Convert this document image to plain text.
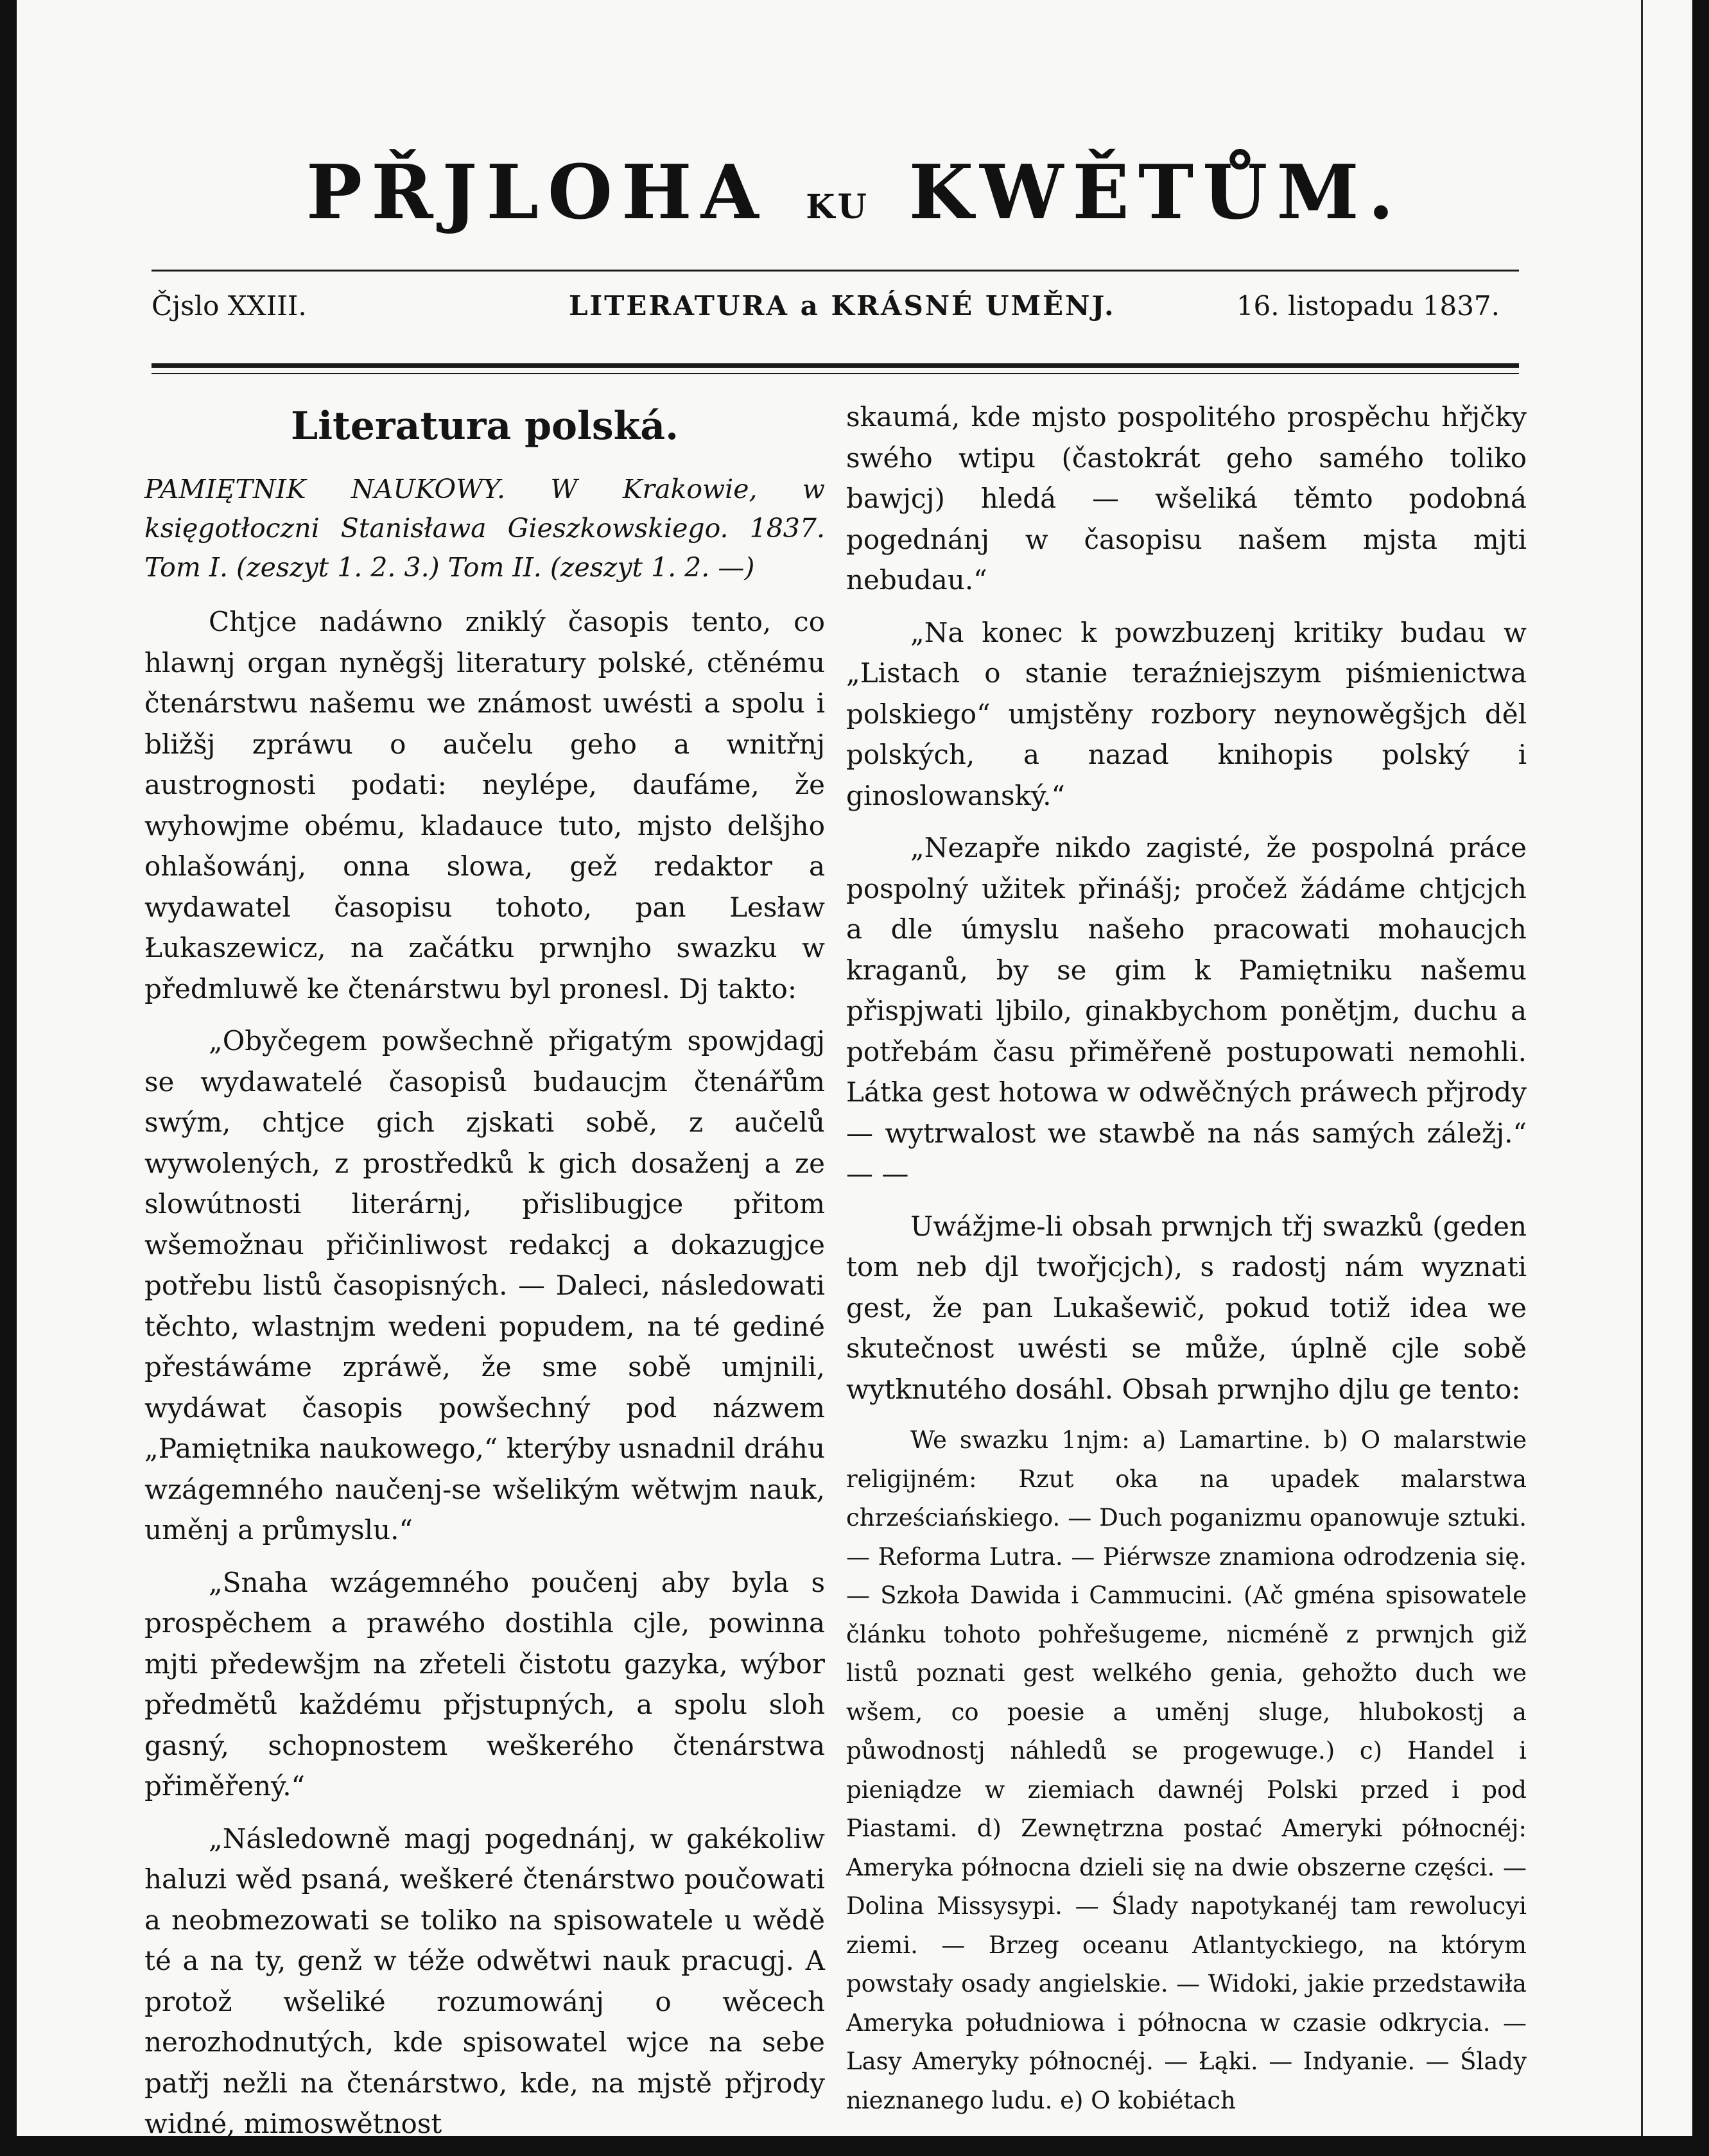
PŘJLOHA KU KWĚTŮM.
Čjslo XXIII.	LITERATURA a KRÁSNÉ UMĚNJ.	16. listopadu 1837.
Literatura polská.

PAMIĘTNIK NAUKOWY. W Krakowie, w księgotłoczni Stanisława Gieszkowskiego. 1837. Tom I. (zeszyt 1. 2. 3.) Tom II. (zeszyt 1. 2. —)

Chtjce nadáwno zniklý časopis tento, co hlawnj organ nyněgšj literatury polské, ctěnému čtenárstwu našemu we známost uwésti a spolu i bližšj zpráwu o aučelu geho a wnitřnj austrognosti podati: neylépe, daufáme, že wyhowjme obému, kladauce tuto, mjsto delšjho ohlašowánj, onna slowa, gež redaktor a wydawatel časopisu tohoto, pan Lesław Łukaszewicz, na začátku prwnjho swazku w předmluwě ke čtenárstwu byl pronesl. Dj takto:

„Obyčegem powšechně přigatým spowjdagj se wydawatelé časopisů budaucjm čtenářům swým, chtjce gich zjskati sobě, z aučelů wywolených, z prostředků k gich dosaženj a ze slowútnosti literárnj, přislibugjce přitom wšemožnau přičinliwost redakcj a dokazugjce potřebu listů časopisných. — Daleci, následowati těchto, wlastnjm wedeni popudem, na té gediné přestáwáme zpráwě, že sme sobě umjnili, wydáwat časopis powšechný pod názwem „Pamiętnika naukowego,“ kterýby usnadnil dráhu wzágemného naučenj-se wšelikým wětwjm nauk, uměnj a průmyslu.“

„Snaha wzágemného poučenj aby byla s prospěchem a prawého dostihla cjle, powinna mjti předewšjm na zřeteli čistotu gazyka, wýbor předmětů každému přjstupných, a spolu sloh gasný, schopnostem weškerého čtenárstwa přiměřený.“

„Následowně magj pogednánj, w gakékoliw haluzi wěd psaná, weškeré čtenárstwo poučowati a neobmezowati se toliko na spisowatele u wědě té a na ty, genž w téže odwětwi nauk pracugj. A protož wšeliké rozumowánj o wěcech nerozhodnutých, kde spisowatel wjce na sebe patřj nežli na čtenárstwo, kde, na mjstě přjrody widné, mimoswětnost

skaumá, kde mjsto pospolitého prospěchu hřjčky swého wtipu (častokrát geho samého toliko bawjcj) hledá — wšeliká těmto podobná pogednánj w časopisu našem mjsta mjti nebudau.“

„Na konec k powzbuzenj kritiky budau w „Listach o stanie teraźniejszym piśmienictwa polskiego“ umjstěny rozbory neynowěgšjch děl polských, a nazad knihopis polský i ginoslowanský.“

„Nezapře nikdo zagisté, že pospolná práce pospolný užitek přinášj; pročež žádáme chtjcjch a dle úmyslu našeho pracowati mohaucjch kraganů, by se gim k Pamiętniku našemu přispjwati ljbilo, ginakbychom ponětjm, duchu a potřebám času přiměřeně postupowati nemohli. Látka gest hotowa w odwěčných práwech přjrody — wytrwalost we stawbě na nás samých záležj.“ — —

Uwážjme-li obsah prwnjch třj swazků (geden tom neb djl twořjcjch), s radostj nám wyznati gest, že pan Lukašewič, pokud totiž idea we skutečnost uwésti se může, úplně cjle sobě wytknutého dosáhl. Obsah prwnjho djlu ge tento:

We swazku 1njm: a) Lamartine. b) O malarstwie religijném: Rzut oka na upadek malarstwa chrześciańskiego. — Duch poganizmu opanowuje sztuki. — Reforma Lutra. — Piérwsze znamiona odrodzenia się. — Szkoła Dawida i Cammucini. (Ač gména spisowatele článku tohoto pohřešugeme, nicméně z prwnjch giž listů poznati gest welkého genia, gehožto duch we wšem, co poesie a uměnj sluge, hlubokostj a půwodnostj náhledů se progewuge.) c) Handel i pieniądze w ziemiach dawnéj Polski przed i pod Piastami. d) Zewnętrzna postać Ameryki północnéj: Ameryka północna dzieli się na dwie obszerne części. — Dolina Missysypi. — Ślady napotykanéj tam rewolucyi ziemi. — Brzeg oceanu Atlantyckiego, na którym powstały osady angielskie. — Widoki, jakie przedstawiła Ameryka południowa i północna w czasie odkrycia. — Lasy Ameryky północnéj. — Łąki. — Indyanie. — Ślady nieznanego ludu. e) O kobiétach
